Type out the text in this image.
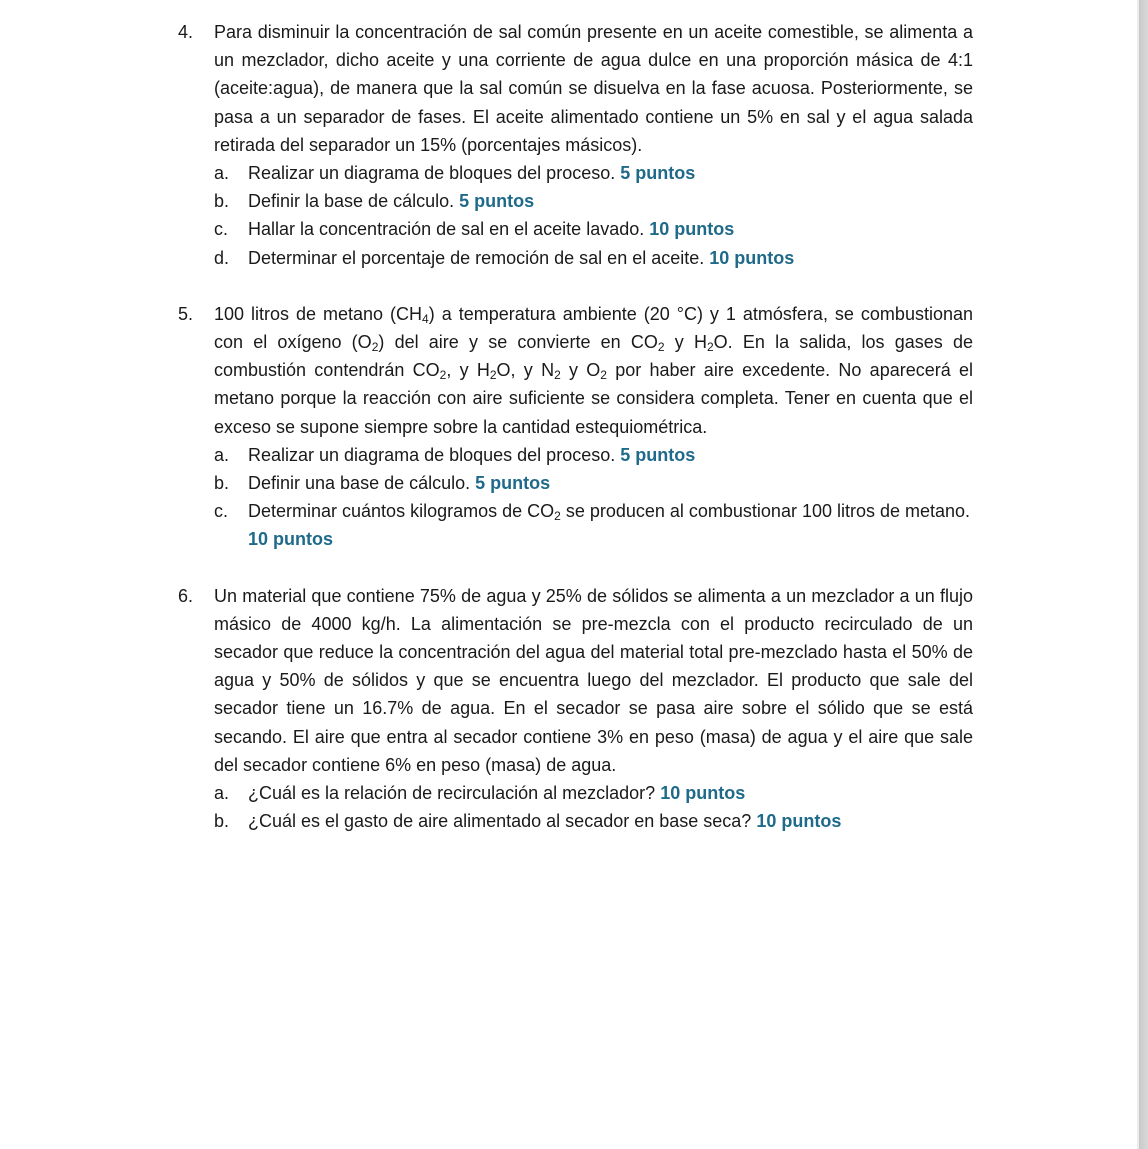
4. Para disminuir la concentración de sal común presente en un aceite comestible, se alimenta a un mezclador, dicho aceite y una corriente de agua dulce en una proporción másica de 4:1 (aceite:agua), de manera que la sal común se disuelva en la fase acuosa. Posteriormente, se pasa a un separador de fases. El aceite alimentado contiene un 5% en sal y el agua salada retirada del separador un 15% (porcentajes másicos).
a. Realizar un diagrama de bloques del proceso. 5 puntos
b. Definir la base de cálculo. 5 puntos
c. Hallar la concentración de sal en el aceite lavado. 10 puntos
d. Determinar el porcentaje de remoción de sal en el aceite. 10 puntos
5. 100 litros de metano $(CH_4)$ a temperatura ambiente (20 °C) y 1 atmósfera, se combustionan con el oxígeno $(O_2)$ del aire y se convierte en $CO_2$ y $H_2O$. En la salida, los gases de combustión contendrán $CO_2$, y $H_2O$, y $N_2$ y $O_2$ por haber aire excedente. No aparecerá el metano porque la reacción con aire suficiente se considera completa. Tener en cuenta que el exceso se supone siempre sobre la cantidad estequiométrica.
a. Realizar un diagrama de bloques del proceso. 5 puntos
b. Definir una base de cálculo. 5 puntos
c. Determinar cuántos kilogramos de $CO_2$ se producen al combustionar 100 litros de metano. 10 puntos
6. Un material que contiene 75% de agua y 25% de sólidos se alimenta a un mezclador a un flujo másico de 4000 kg/h. La alimentación se pre-mezcla con el producto recirculado de un secador que reduce la concentración del agua del material total pre-mezclado hasta el 50% de agua y 50% de sólidos y que se encuentra luego del mezclador. El producto que sale del secador tiene un 16.7% de agua. En el secador se pasa aire sobre el sólido que se está secando. El aire que entra al secador contiene 3% en peso (masa) de agua y el aire que sale del secador contiene 6% en peso (masa) de agua.
a. ¿Cuál es la relación de recirculación al mezclador? 10 puntos
b. ¿Cuál es el gasto de aire alimentado al secador en base seca? 10 puntos
